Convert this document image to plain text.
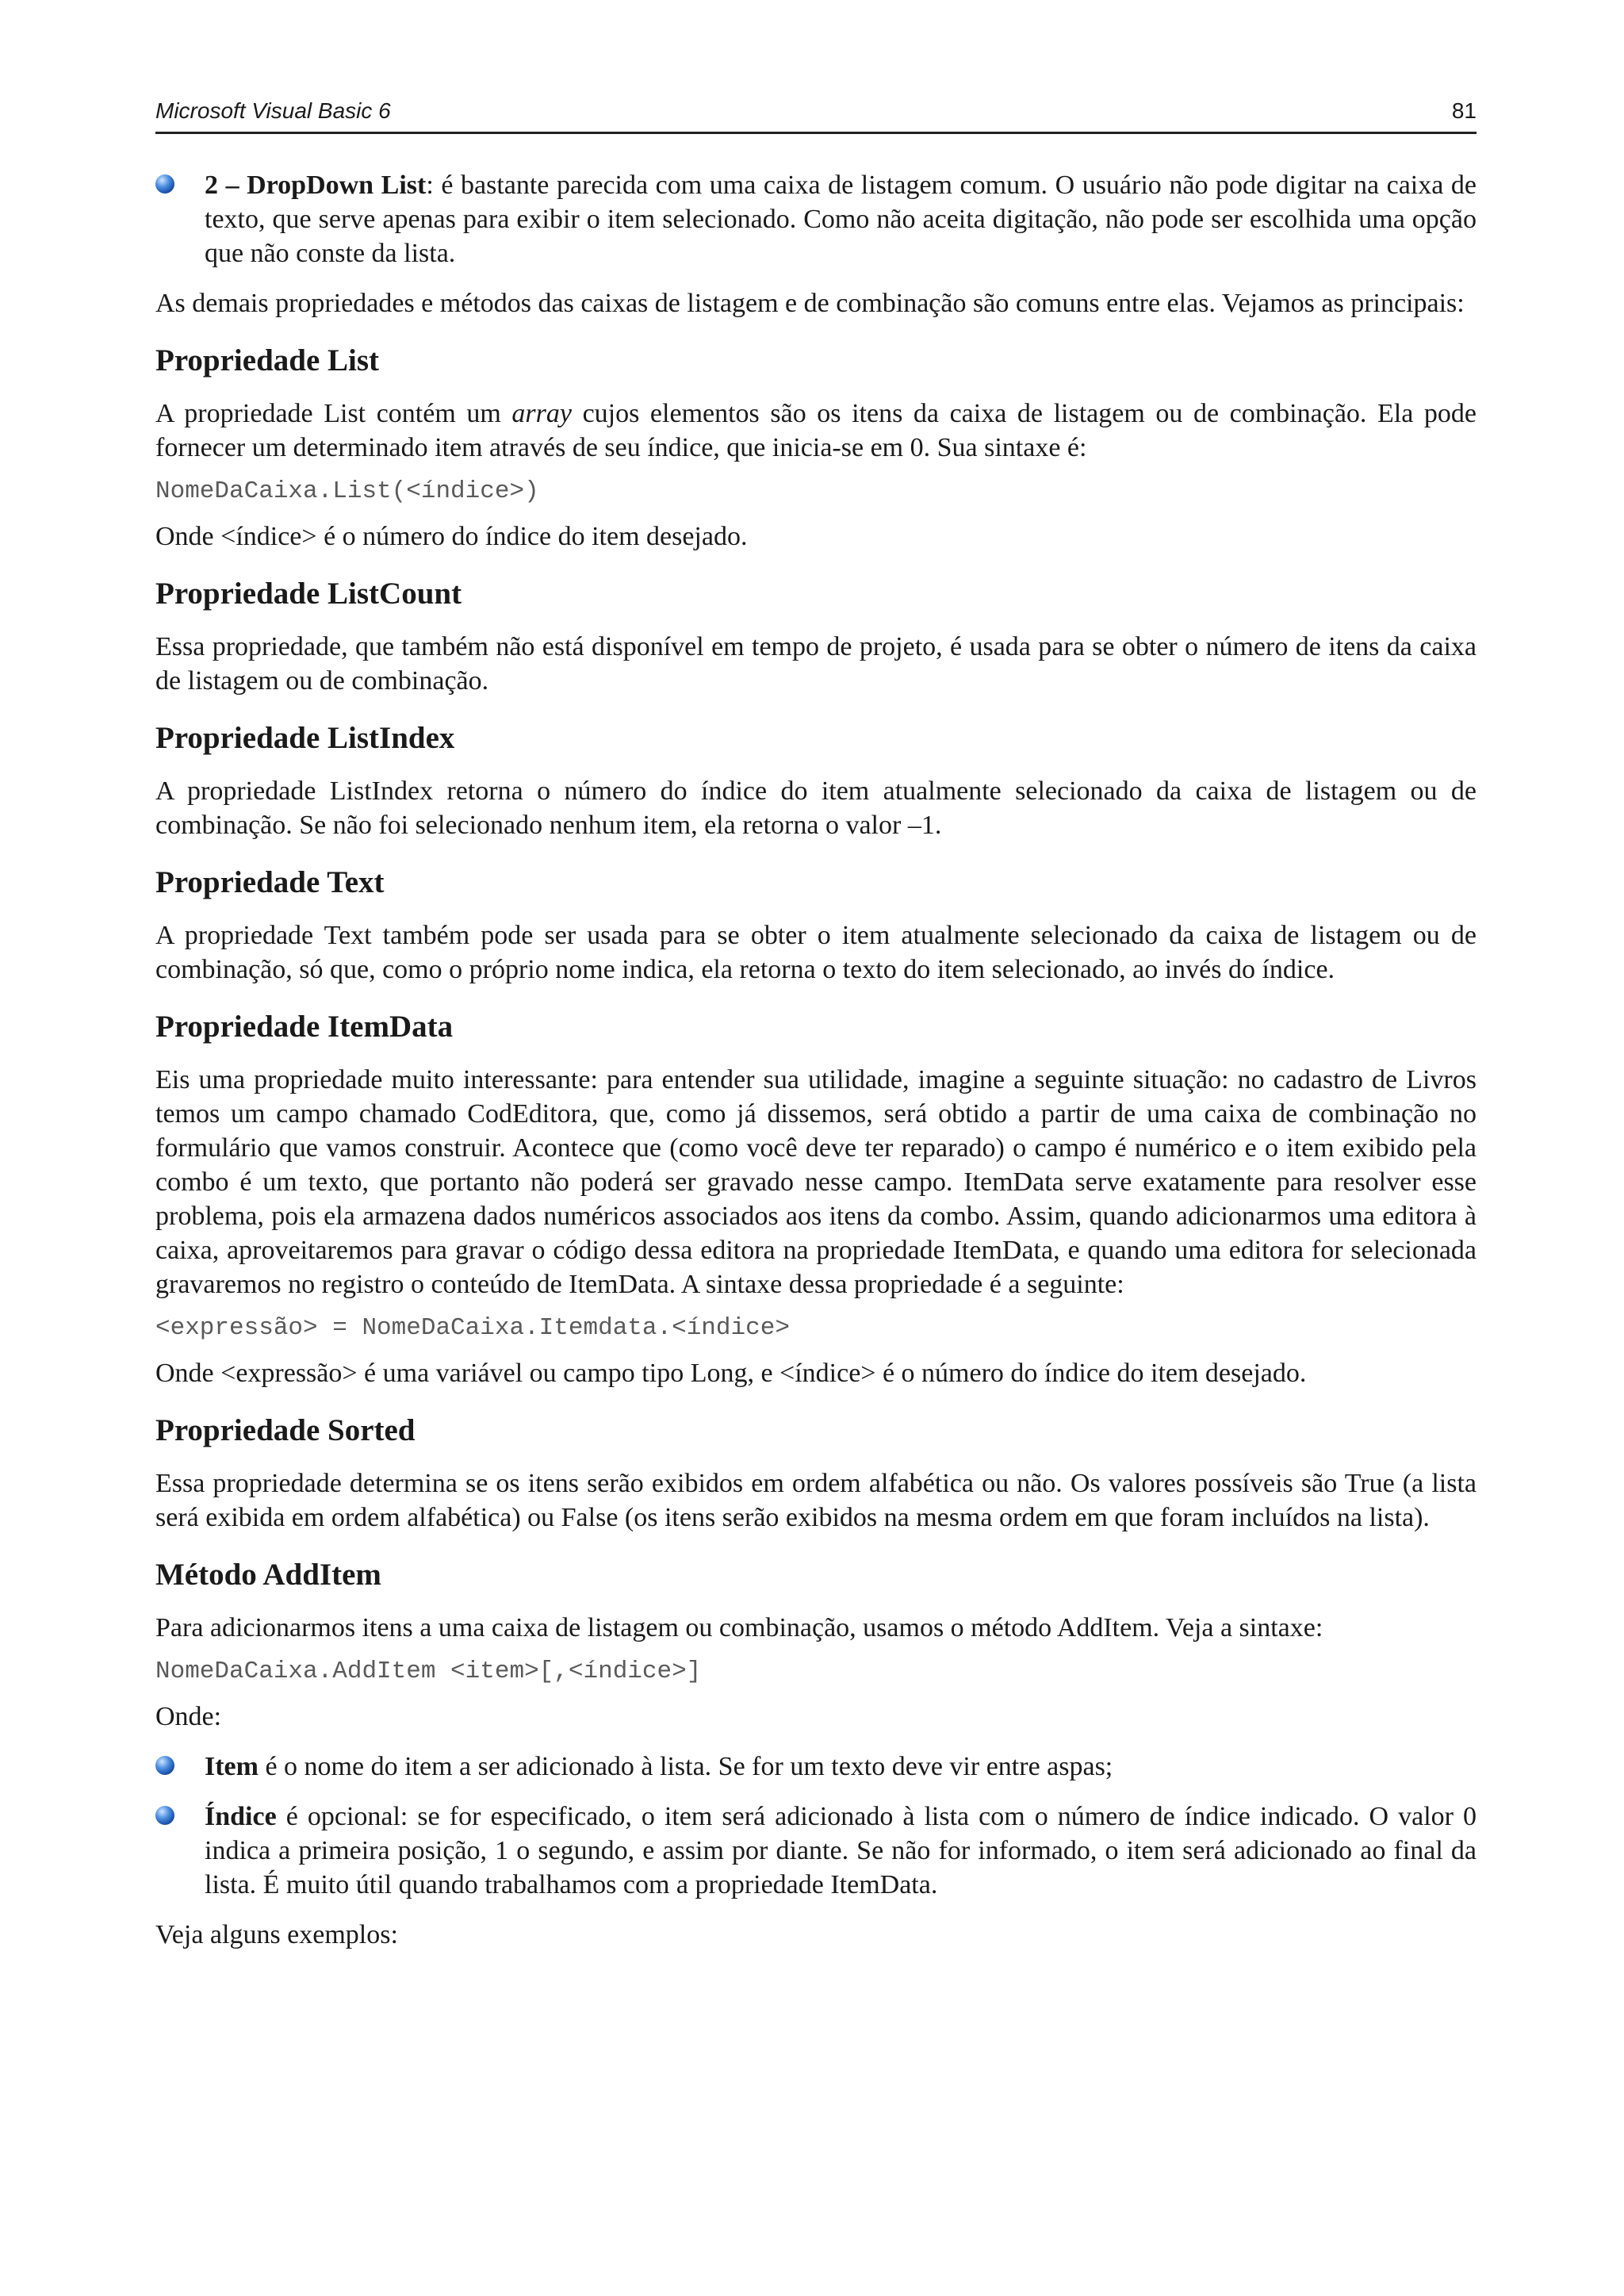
Microsoft Visual Basic 6	81

2 – DropDown List: é bastante parecida com uma caixa de listagem comum. O usuário não pode digitar na caixa de texto, que serve apenas para exibir o item selecionado. Como não aceita digitação, não pode ser escolhida uma opção que não conste da lista.

As demais propriedades e métodos das caixas de listagem e de combinação são comuns entre elas. Vejamos as principais:

Propriedade List

A propriedade List contém um array cujos elementos são os itens da caixa de listagem ou de combinação. Ela pode fornecer um determinado item através de seu índice, que inicia-se em 0. Sua sintaxe é:

NomeDaCaixa.List(<índice>)

Onde <índice> é o número do índice do item desejado.

Propriedade ListCount

Essa propriedade, que também não está disponível em tempo de projeto, é usada para se obter o número de itens da caixa de listagem ou de combinação.

Propriedade ListIndex

A propriedade ListIndex retorna o número do índice do item atualmente selecionado da caixa de listagem ou de combinação. Se não foi selecionado nenhum item, ela retorna o valor –1.

Propriedade Text

A propriedade Text também pode ser usada para se obter o item atualmente selecionado da caixa de listagem ou de combinação, só que, como o próprio nome indica, ela retorna o texto do item selecionado, ao invés do índice.

Propriedade ItemData

Eis uma propriedade muito interessante: para entender sua utilidade, imagine a seguinte situação: no cadastro de Livros temos um campo chamado CodEditora, que, como já dissemos, será obtido a partir de uma caixa de combinação no formulário que vamos construir. Acontece que (como você deve ter reparado) o campo é numérico e o item exibido pela combo é um texto, que portanto não poderá ser gravado nesse campo. ItemData serve exatamente para resolver esse problema, pois ela armazena dados numéricos associados aos itens da combo. Assim, quando adicionarmos uma editora à caixa, aproveitaremos para gravar o código dessa editora na propriedade ItemData, e quando uma editora for selecionada gravaremos no registro o conteúdo de ItemData. A sintaxe dessa propriedade é a seguinte:

<expressão> = NomeDaCaixa.Itemdata.<índice>

Onde <expressão> é uma variável ou campo tipo Long, e <índice> é o número do índice do item desejado.

Propriedade Sorted

Essa propriedade determina se os itens serão exibidos em ordem alfabética ou não. Os valores possíveis são True (a lista será exibida em ordem alfabética) ou False (os itens serão exibidos na mesma ordem em que foram incluídos na lista).

Método AddItem

Para adicionarmos itens a uma caixa de listagem ou combinação, usamos o método AddItem. Veja a sintaxe:

NomeDaCaixa.AddItem <item>[,<índice>]

Onde:

Item é o nome do item a ser adicionado à lista. Se for um texto deve vir entre aspas;

Índice é opcional: se for especificado, o item será adicionado à lista com o número de índice indicado. O valor 0 indica a primeira posição, 1 o segundo, e assim por diante. Se não for informado, o item será adicionado ao final da lista. É muito útil quando trabalhamos com a propriedade ItemData.

Veja alguns exemplos:
